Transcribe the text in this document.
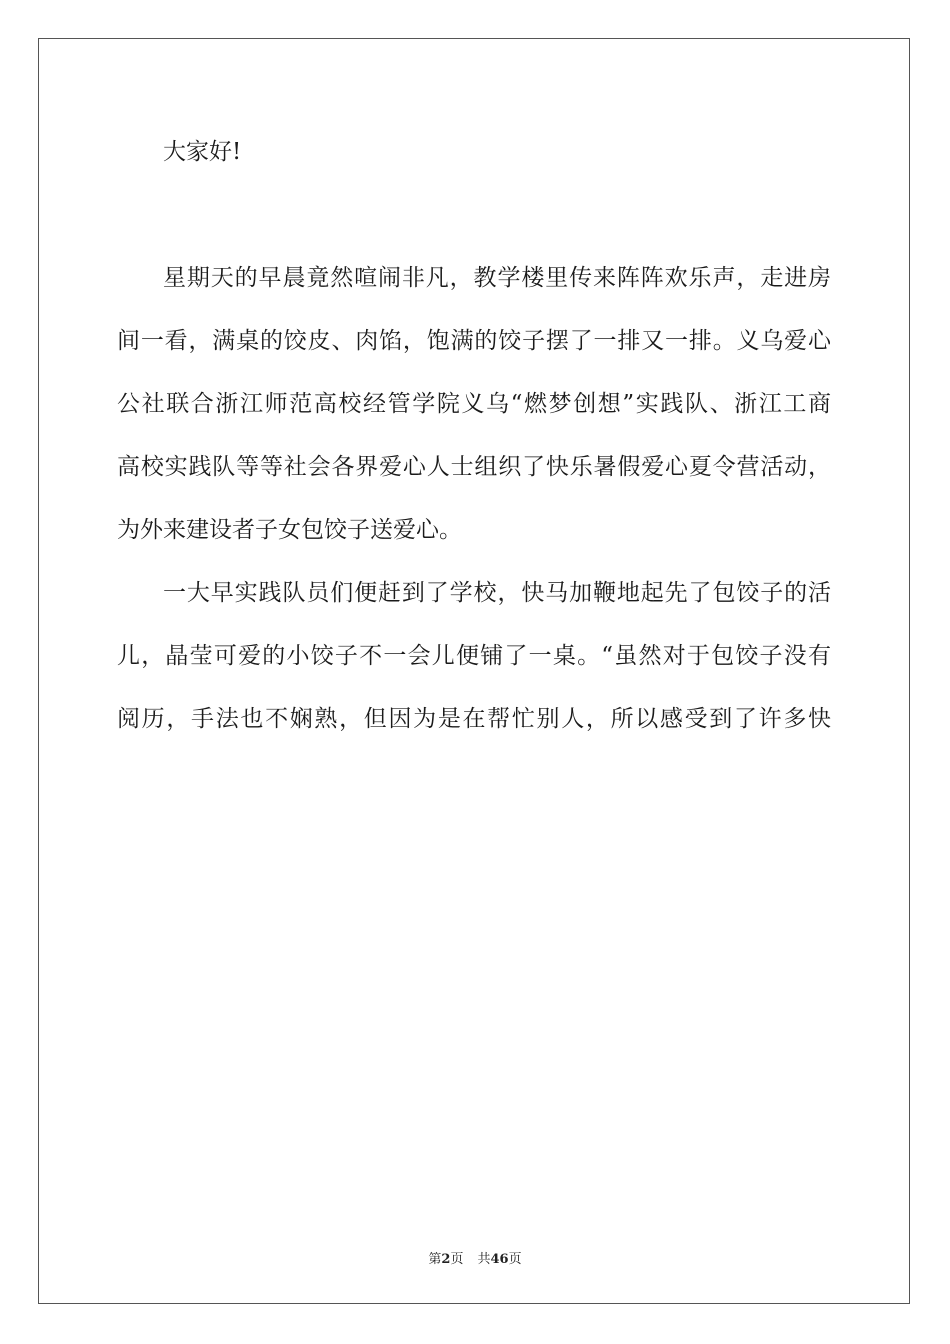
大家好!
星期天的早晨竟然喧闹非凡，教学楼里传来阵阵欢乐声，走进房
间一看，满桌的饺皮、肉馅，饱满的饺子摆了一排又一排。义乌爱心
公社联合浙江师范高校经管学院义乌“燃梦创想”实践队、浙江工商
高校实践队等等社会各界爱心人士组织了快乐暑假爱心夏令营活动，
为外来建设者子女包饺子送爱心。
一大早实践队员们便赶到了学校，快马加鞭地起先了包饺子的活
儿，晶莹可爱的小饺子不一会儿便铺了一桌。“虽然对于包饺子没有
阅历，手法也不娴熟，但因为是在帮忙别人，所以感受到了许多快
第2页 共46页
